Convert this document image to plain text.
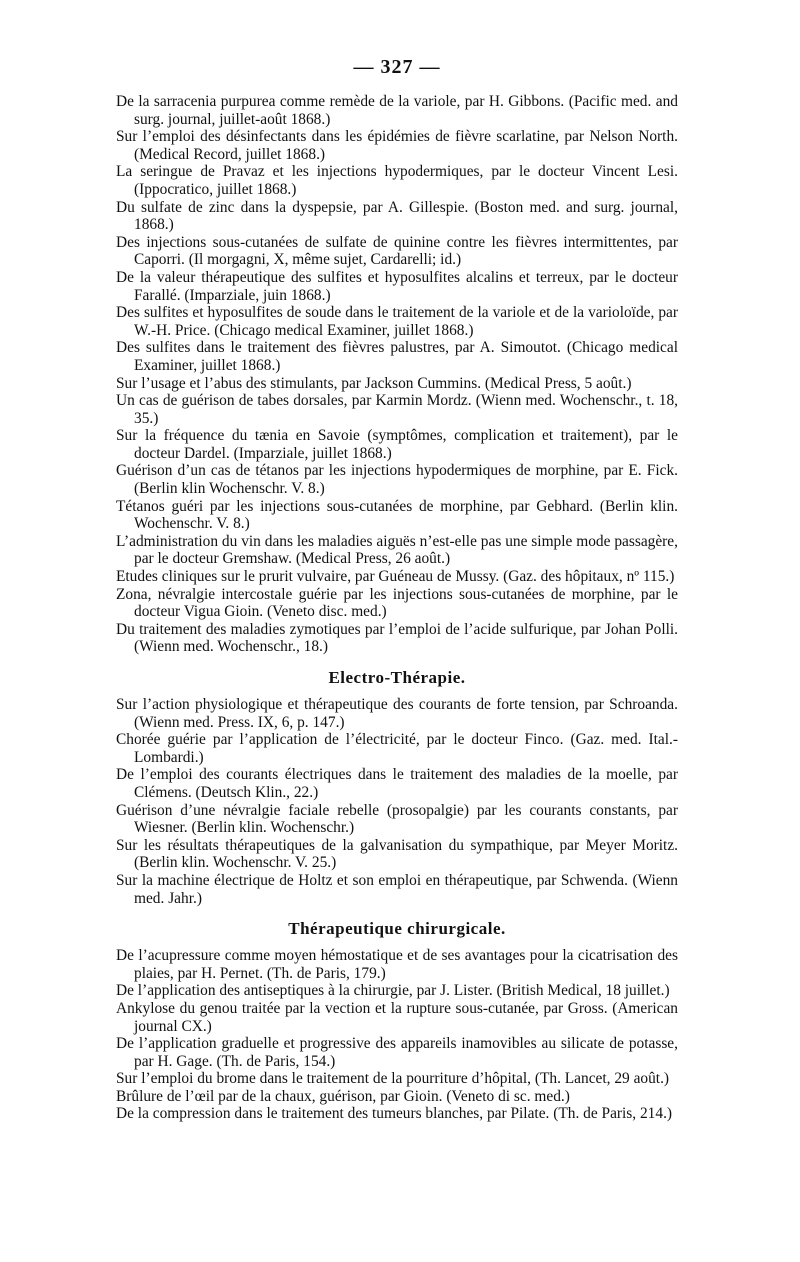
— 327 —

De la sarracenia purpurea comme remède de la variole, par H. Gibbons. (Pacific med. and surg. journal, juillet-août 1868.)

Sur l’emploi des désinfectants dans les épidémies de fièvre scarlatine, par Nelson North. (Medical Record, juillet 1868.)

La seringue de Pravaz et les injections hypodermiques, par le docteur Vincent Lesi. (Ippocratico, juillet 1868.)

Du sulfate de zinc dans la dyspepsie, par A. Gillespie. (Boston med. and surg. journal, 1868.)

Des injections sous-cutanées de sulfate de quinine contre les fièvres intermittentes, par Caporri. (Il morgagni, X, même sujet, Cardarelli; id.)

De la valeur thérapeutique des sulfites et hyposulfites alcalins et terreux, par le docteur Farallé. (Imparziale, juin 1868.)

Des sulfites et hyposulfites de soude dans le traitement de la variole et de la varioloïde, par W.-H. Price. (Chicago medical Examiner, juillet 1868.)

Des sulfites dans le traitement des fièvres palustres, par A. Simoutot. (Chicago medical Examiner, juillet 1868.)

Sur l’usage et l’abus des stimulants, par Jackson Cummins. (Medical Press, 5 août.)

Un cas de guérison de tabes dorsales, par Karmin Mordz. (Wienn med. Wochenschr., t. 18, 35.)

Sur la fréquence du tænia en Savoie (symptômes, complication et traitement), par le docteur Dardel. (Imparziale, juillet 1868.)

Guérison d’un cas de tétanos par les injections hypodermiques de morphine, par E. Fick. (Berlin klin Wochenschr. V. 8.)

Tétanos guéri par les injections sous-cutanées de morphine, par Gebhard. (Berlin klin. Wochenschr. V. 8.)

L’administration du vin dans les maladies aiguës n’est-elle pas une simple mode passagère, par le docteur Gremshaw. (Medical Press, 26 août.)

Etudes cliniques sur le prurit vulvaire, par Guéneau de Mussy. (Gaz. des hôpitaux, nº 115.)

Zona, névralgie intercostale guérie par les injections sous-cutanées de morphine, par le docteur Vigua Gioin. (Veneto disc. med.)

Du traitement des maladies zymotiques par l’emploi de l’acide sulfurique, par Johan Polli. (Wienn med. Wochenschr., 18.)

Electro-Thérapie.

Sur l’action physiologique et thérapeutique des courants de forte tension, par Schroanda. (Wienn med. Press. IX, 6, p. 147.)

Chorée guérie par l’application de l’électricité, par le docteur Finco. (Gaz. med. Ital.-Lombardi.)

De l’emploi des courants électriques dans le traitement des maladies de la moelle, par Clémens. (Deutsch Klin., 22.)

Guérison d’une névralgie faciale rebelle (prosopalgie) par les courants constants, par Wiesner. (Berlin klin. Wochenschr.)

Sur les résultats thérapeutiques de la galvanisation du sympathique, par Meyer Moritz. (Berlin klin. Wochenschr. V. 25.)

Sur la machine électrique de Holtz et son emploi en thérapeutique, par Schwenda. (Wienn med. Jahr.)

Thérapeutique chirurgicale.

De l’acupressure comme moyen hémostatique et de ses avantages pour la cicatrisation des plaies, par H. Pernet. (Th. de Paris, 179.)

De l’application des antiseptiques à la chirurgie, par J. Lister. (British Medical, 18 juillet.)

Ankylose du genou traitée par la vection et la rupture sous-cutanée, par Gross. (American journal CX.)

De l’application graduelle et progressive des appareils inamovibles au silicate de potasse, par H. Gage. (Th. de Paris, 154.)

Sur l’emploi du brome dans le traitement de la pourriture d’hôpital, (Th. Lancet, 29 août.)

Brûlure de l’œil par de la chaux, guérison, par Gioin. (Veneto di sc. med.)

De la compression dans le traitement des tumeurs blanches, par Pilate. (Th. de Paris, 214.)
